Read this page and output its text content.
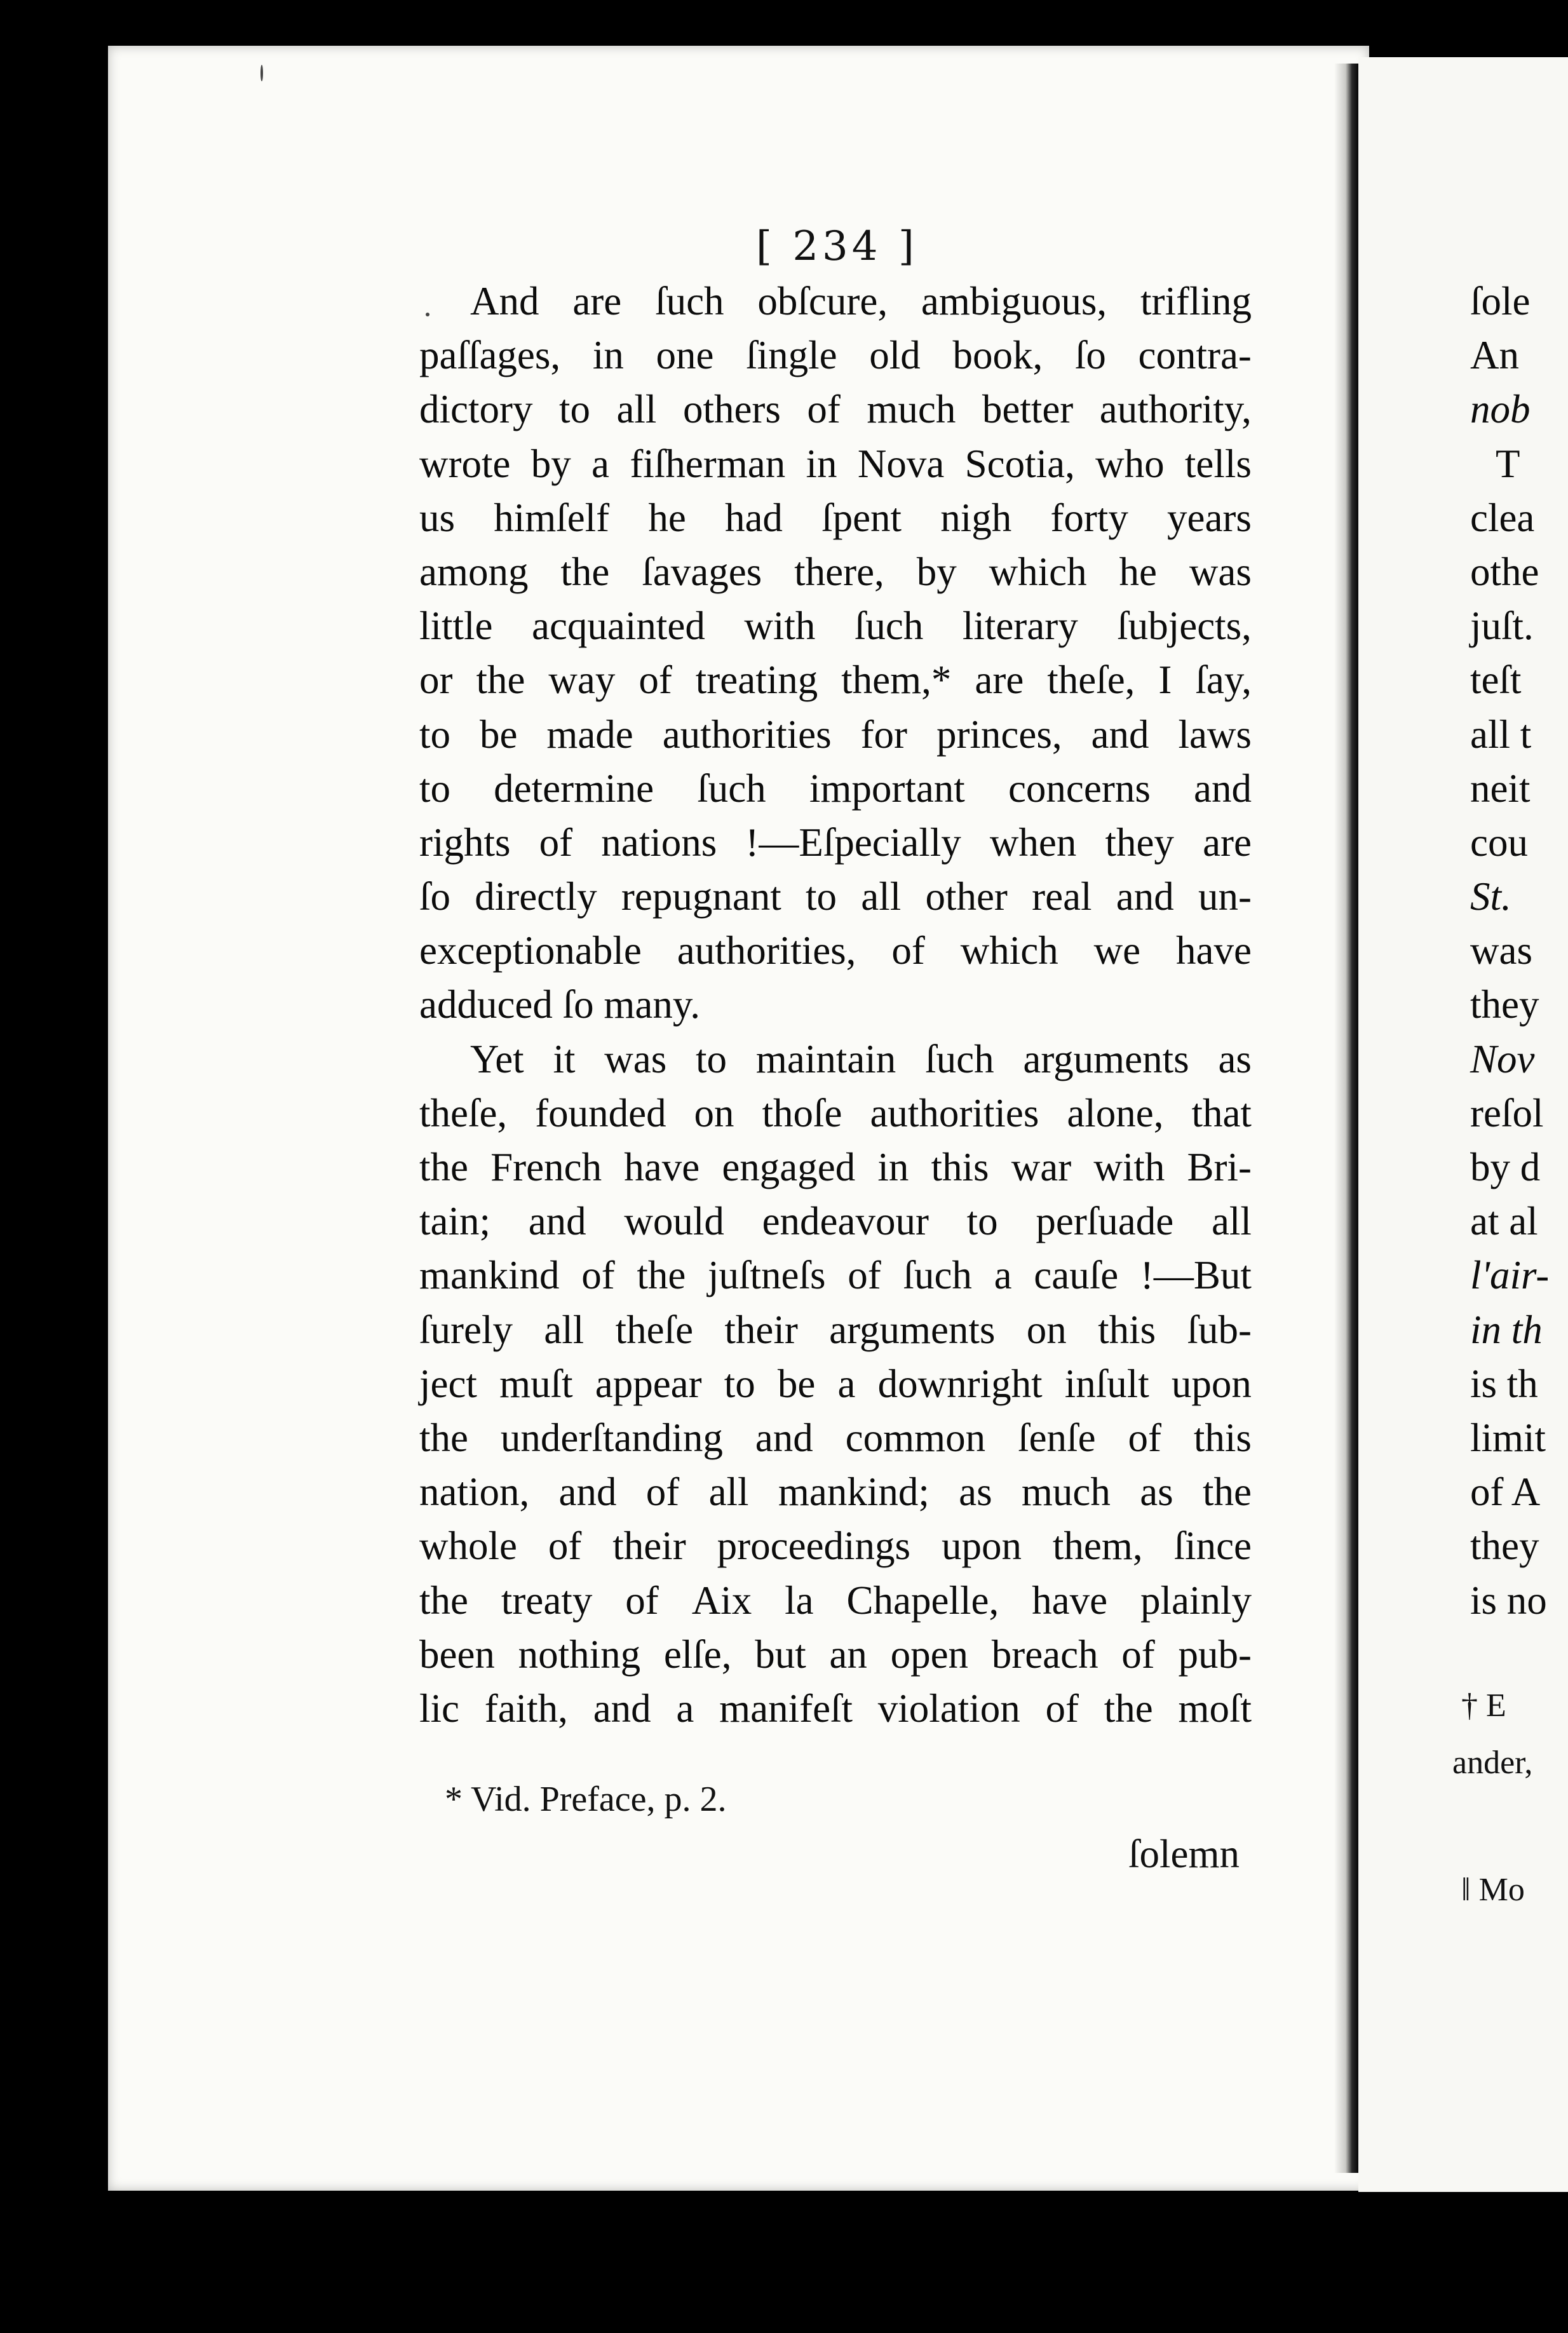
[ 234 ]
And are ſuch obſcure, ambiguous, trifling
paſſages, in one ſingle old book, ſo contra-
dictory to all others of much better authority,
wrote by a fiſherman in Nova Scotia, who tells
us himſelf he had ſpent nigh forty years
among the ſavages there, by which he was
little acquainted with ſuch literary ſubjects,
or the way of treating them,* are theſe, I ſay,
to be made authorities for princes, and laws
to determine ſuch important concerns and
rights of nations !—Eſpecially when they are
ſo directly repugnant to all other real and un-
exceptionable authorities, of which we have
adduced ſo many.
Yet it was to maintain ſuch arguments as
theſe, founded on thoſe authorities alone, that
the French have engaged in this war with Bri-
tain; and would endeavour to perſuade all
mankind of the juſtneſs of ſuch a cauſe !—But
ſurely all theſe their arguments on this ſub-
ject muſt appear to be a downright inſult upon
the underſtanding and common ſenſe of this
nation, and of all mankind; as much as the
whole of their proceedings upon them, ſince
the treaty of Aix la Chapelle, have plainly
been nothing elſe, but an open breach of pub-
lic faith, and a manifeſt violation of the moſt
* Vid. Preface, p. 2.
ſolemn
ſole
An
nob
T
clea
othe
juſt.
teſt
all t
neit
cou
St.
was
they
Nov
reſol
by d
at al
l'air-
in th
is th
limit
of A
they
is no
† E
ander,
‖ Mo
